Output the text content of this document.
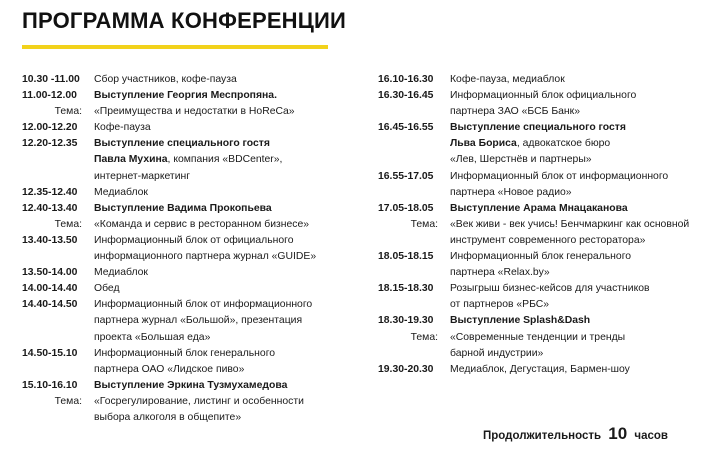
ПРОГРАММА КОНФЕРЕНЦИИ
10.30 -11.00	Сбор участников, кофе-пауза
11.00-12.00	Выступление Георгия Меспропяна.
Тема:	«Преимущества и недостатки в HoReCa»
12.00-12.20	Кофе-пауза
12.20-12.35	Выступление специального гостя
Павла Мухина, компания «BDCenter»,
интернет-маркетинг
12.35-12.40	Медиаблок
12.40-13.40	Выступление Вадима Прокопьева
Тема:	«Команда и сервис в ресторанном бизнесе»
13.40-13.50	Информационный блок от официального
информационного партнера журнал «GUIDE»
13.50-14.00	Медиаблок
14.00-14.40	Обед
14.40-14.50	Информационный блок от информационного
партнера журнал «Большой», презентация
проекта «Большая еда»
14.50-15.10	Информационный блок генерального
партнера ОАО «Лидское пиво»
15.10-16.10	Выступление Эркина Тузмухамедова
Тема:	«Госрегулирование, листинг и особенности
выбора алкоголя в общепите»
16.10-16.30	Кофе-пауза, медиаблок
16.30-16.45	Информационный блок официального
партнера ЗАО «БСБ Банк»
16.45-16.55	Выступление специального гостя
Льва Бориса, адвокатское бюро
«Лев, Шерстнёв и партнеры»
16.55-17.05	Информационный блок от информационного
партнера «Новое радио»
17.05-18.05	Выступление Арама Мнацаканова
Тема:	«Век живи - век учись! Бенчмаркинг как основной
инструмент современного ресторатора»
18.05-18.15	Информационный блок генерального
партнера «Relax.by»
18.15-18.30	Розыгрыш бизнес-кейсов для участников
от партнеров «РБС»
18.30-19.30	Выступление Splash&Dash
Тема:	«Современные тенденции и тренды
барной индустрии»
19.30-20.30	Медиаблок, Дегустация, Бармен-шоу
Продолжительность 10 часов
